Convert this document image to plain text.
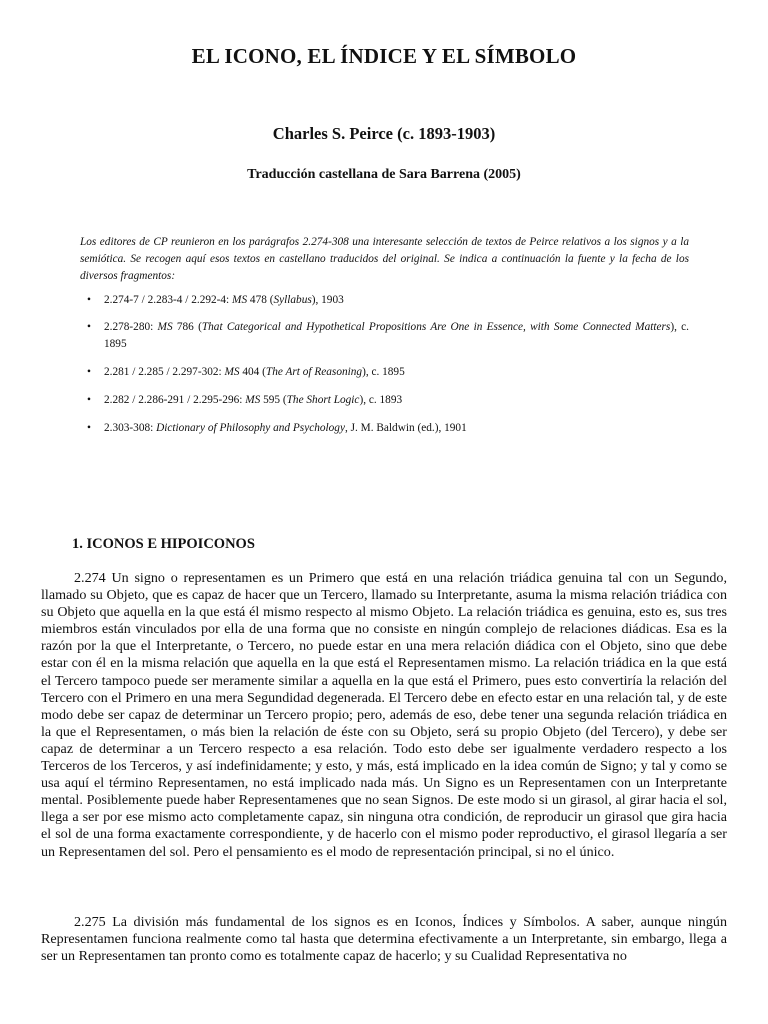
EL ICONO, EL ÍNDICE Y EL SÍMBOLO
Charles S. Peirce (c. 1893-1903)
Traducción castellana de Sara Barrena (2005)

Los editores de CP reunieron en los parágrafos 2.274-308 una interesante selección de textos de Peirce relativos a los signos y a la semiótica. Se recogen aquí esos textos en castellano traducidos del original. Se indica a continuación la fuente y la fecha de los diversos fragmentos:

• 2.274-7 / 2.283-4 / 2.292-4: MS 478 (Syllabus), 1903
• 2.278-280: MS 786 (That Categorical and Hypothetical Propositions Are One in Essence, with Some Connected Matters), c. 1895
• 2.281 / 2.285 / 2.297-302: MS 404 (The Art of Reasoning), c. 1895
• 2.282 / 2.286-291 / 2.295-296: MS 595 (The Short Logic), c. 1893
• 2.303-308: Dictionary of Philosophy and Psychology, J. M. Baldwin (ed.), 1901
1. ICONOS E HIPOICONOS

2.274 Un signo o representamen es un Primero que está en una relación triádica genuina tal con un Segundo, llamado su Objeto, que es capaz de hacer que un Tercero, llamado su Interpretante, asuma la misma relación triádica con su Objeto que aquella en la que está él mismo respecto al mismo Objeto. La relación triádica es genuina, esto es, sus tres miembros están vinculados por ella de una forma que no consiste en ningún complejo de relaciones diádicas. Esa es la razón por la que el Interpretante, o Tercero, no puede estar en una mera relación diádica con el Objeto, sino que debe estar con él en la misma relación que aquella en la que está el Representamen mismo. La relación triádica en la que está el Tercero tampoco puede ser meramente similar a aquella en la que está el Primero, pues esto convertiría la relación del Tercero con el Primero en una mera Segundidad degenerada. El Tercero debe en efecto estar en una relación tal, y de este modo debe ser capaz de determinar un Tercero propio; pero, además de eso, debe tener una segunda relación triádica en la que el Representamen, o más bien la relación de éste con su Objeto, será su propio Objeto (del Tercero), y debe ser capaz de determinar a un Tercero respecto a esa relación. Todo esto debe ser igualmente verdadero respecto a los Terceros de los Terceros, y así indefinidamente; y esto, y más, está implicado en la idea común de Signo; y tal y como se usa aquí el término Representamen, no está implicado nada más. Un Signo es un Representamen con un Interpretante mental. Posiblemente puede haber Representamenes que no sean Signos. De este modo si un girasol, al girar hacia el sol, llega a ser por ese mismo acto completamente capaz, sin ninguna otra condición, de reproducir un girasol que gira hacia el sol de una forma exactamente correspondiente, y de hacerlo con el mismo poder reproductivo, el girasol llegaría a ser un Representamen del sol. Pero el pensamiento es el modo de representación principal, si no el único.

2.275 La división más fundamental de los signos es en Iconos, Índices y Símbolos. A saber, aunque ningún Representamen funciona realmente como tal hasta que determina efectivamente a un Interpretante, sin embargo, llega a ser un Representamen tan pronto como es totalmente capaz de hacerlo; y su Cualidad Representativa no
